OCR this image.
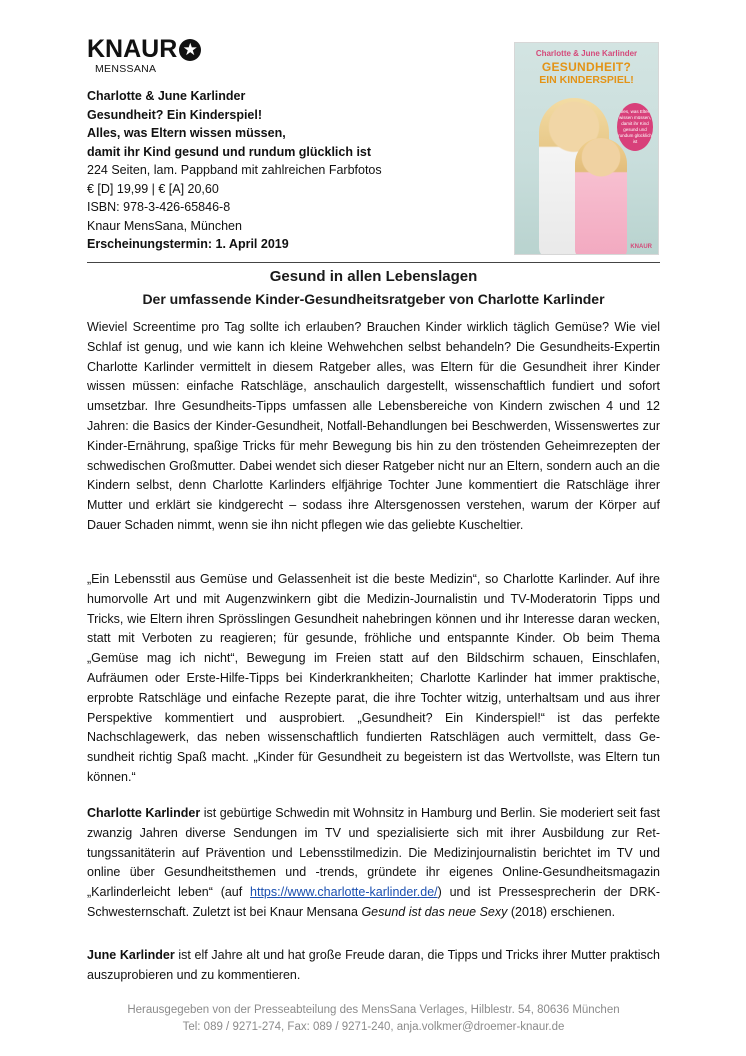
KNAUR ★
MENSSANA
Charlotte & June Karlinder
Gesundheit? Ein Kinderspiel!
Alles, was Eltern wissen müssen,
damit ihr Kind gesund und rundum glücklich ist
224 Seiten, lam. Pappband mit zahlreichen Farbfotos
€ [D] 19,99 | € [A] 20,60
ISBN: 978-3-426-65846-8
Knaur MensSana, München
Erscheinungstermin: 1. April 2019
Charlotte & June Karlinder
GESUNDHEIT?
EIN KINDERSPIEL!
Alles, was Eltern wissen müssen, damit ihr Kind gesund und rundum glücklich ist
KNAUR
Gesund in allen Lebenslagen
Der umfassende Kinder-Gesundheitsratgeber von Charlotte Karlinder
Wieviel Screentime pro Tag sollte ich erlauben? Brauchen Kinder wirklich täglich Gemüse? Wie viel Schlaf ist genug, und wie kann ich kleine Wehwehchen selbst behandeln? Die Gesundheits-Expertin Charlotte Karlinder vermittelt in diesem Ratgeber alles, was Eltern für die Gesundheit ihrer Kinder wissen müssen: einfache Ratschläge, anschaulich dargestellt, wissenschaftlich fundiert und sofort umsetzbar. Ihre Gesundheits-Tipps umfassen alle Lebensbereiche von Kindern zwischen 4 und 12 Jahren: die Basics der Kinder-Gesundheit, Notfall-Behandlungen bei Beschwerden, Wissenswertes zur Kinder-Ernährung, spaßige Tricks für mehr Bewegung bis hin zu den tröstenden Geheimrezepten der schwedischen Großmutter. Dabei wendet sich dieser Ratgeber nicht nur an Eltern, sondern auch an die Kindern selbst, denn Charlotte Karlinders elfjährige Tochter June kommentiert die Ratschläge ihrer Mutter und erklärt sie kindgerecht – sodass ihre Altersgenossen verstehen, warum der Körper auf Dauer Schaden nimmt, wenn sie ihn nicht pflegen wie das geliebte Kuscheltier.
„Ein Lebensstil aus Gemüse und Gelassenheit ist die beste Medizin“, so Charlotte Karlinder. Auf ihre humorvolle Art und mit Augenzwinkern gibt die Medizin-Journalistin und TV-Moderatorin Tipps und Tricks, wie Eltern ihren Sprösslingen Gesundheit nahebringen können und ihr Interesse daran wecken, statt mit Verboten zu reagieren; für gesunde, fröhliche und entspannte Kinder. Ob beim Thema „Gemüse mag ich nicht“, Bewegung im Freien statt auf den Bildschirm schauen, Einschlafen, Aufräumen oder Erste-Hilfe-Tipps bei Kinderkrankheiten; Charlotte Karlinder hat immer praktische, erprobte Ratschläge und einfache Rezepte parat, die ihre Tochter witzig, unterhaltsam und aus ihrer Perspektive kommentiert und ausprobiert. „Gesundheit? Ein Kinderspiel!“ ist das perfekte Nachschlagewerk, das neben wissenschaftlich fundierten Ratschlägen auch vermittelt, dass Gesundheit richtig Spaß macht. „Kinder für Gesundheit zu begeistern ist das Wertvollste, was Eltern tun können.“
Charlotte Karlinder ist gebürtige Schwedin mit Wohnsitz in Hamburg und Berlin. Sie moderiert seit fast zwanzig Jahren diverse Sendungen im TV und spezialisierte sich mit ihrer Ausbildung zur Rettungssanitäterin auf Prävention und Lebensstilmedizin. Die Medizinjournalistin berichtet im TV und online über Gesundheitsthemen und -trends, gründete ihr eigenes Online-Gesundheitsmagazin „Karlinderleicht leben“ (auf https://www.charlotte-karlinder.de/) und ist Pressesprecherin der DRK-Schwesternschaft. Zuletzt ist bei Knaur Mensana Gesund ist das neue Sexy (2018) erschienen.
June Karlinder ist elf Jahre alt und hat große Freude daran, die Tipps und Tricks ihrer Mutter praktisch auszuprobieren und zu kommentieren.
Herausgegeben von der Presseabteilung des MensSana Verlages, Hilblestr. 54, 80636 München
Tel: 089 / 9271-274, Fax: 089 / 9271-240, anja.volkmer@droemer-knaur.de
